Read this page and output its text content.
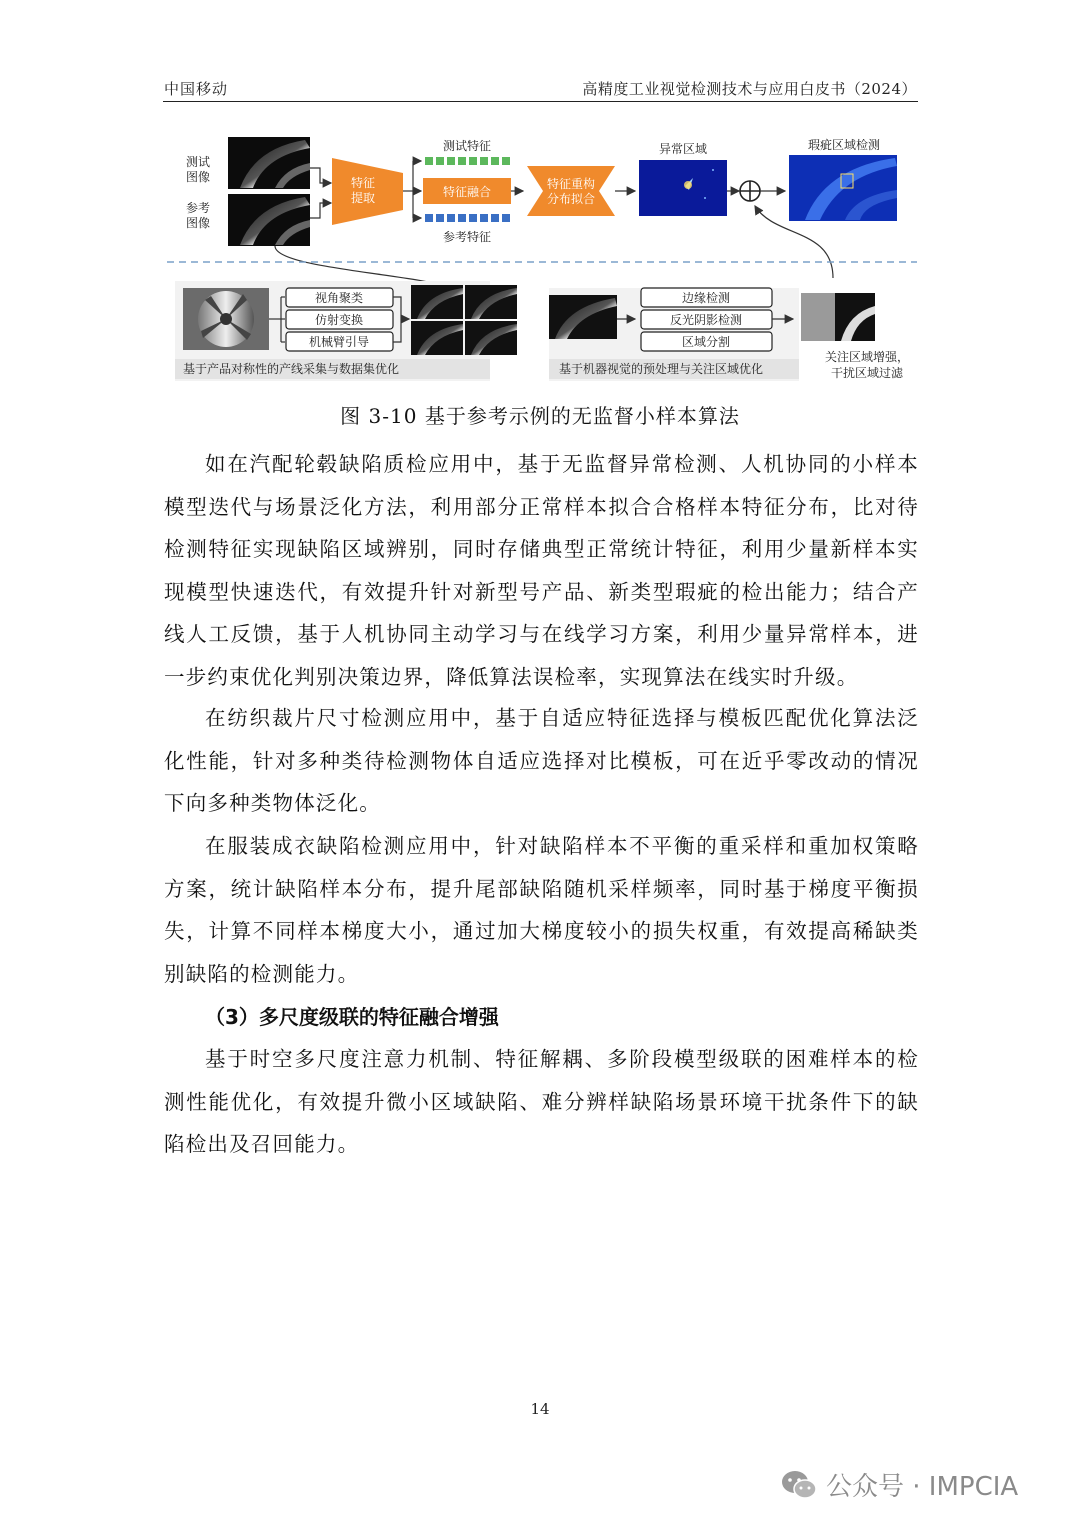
中国移动	高精度工业视觉检测技术与应用白皮书（2024）
测试
图像
参考
图像
特征
提取
测试特征
特征融合
参考特征
特征重构
分布拟合
异常区域	瑕疵区域检测
视角聚类
仿射变换
机械臂引导
基于产品对称性的产线采集与数据集优化
边缘检测
反光阴影检测
区域分割
关注区域增强，
干扰区域过滤
基于机器视觉的预处理与关注区域优化
图 3-10 基于参考示例的无监督小样本算法

如在汽配轮毂缺陷质检应用中，基于无监督异常检测、人机协同的小样本模型迭代与场景泛化方法，利用部分正常样本拟合合格样本特征分布，比对待检测特征实现缺陷区域辨别，同时存储典型正常统计特征，利用少量新样本实现模型快速迭代，有效提升针对新型号产品、新类型瑕疵的检出能力；结合产线人工反馈，基于人机协同主动学习与在线学习方案，利用少量异常样本，进一步约束优化判别决策边界，降低算法误检率，实现算法在线实时升级。

在纺织裁片尺寸检测应用中，基于自适应特征选择与模板匹配优化算法泛化性能，针对多种类待检测物体自适应选择对比模板，可在近乎零改动的情况下向多种类物体泛化。

在服装成衣缺陷检测应用中，针对缺陷样本不平衡的重采样和重加权策略方案，统计缺陷样本分布，提升尾部缺陷随机采样频率，同时基于梯度平衡损失，计算不同样本梯度大小，通过加大梯度较小的损失权重，有效提高稀缺类别缺陷的检测能力。

（3）多尺度级联的特征融合增强

基于时空多尺度注意力机制、特征解耦、多阶段模型级联的困难样本的检测性能优化，有效提升微小区域缺陷、难分辨样缺陷场景环境干扰条件下的缺陷检出及召回能力。

14
公众号 · IMPCIA
